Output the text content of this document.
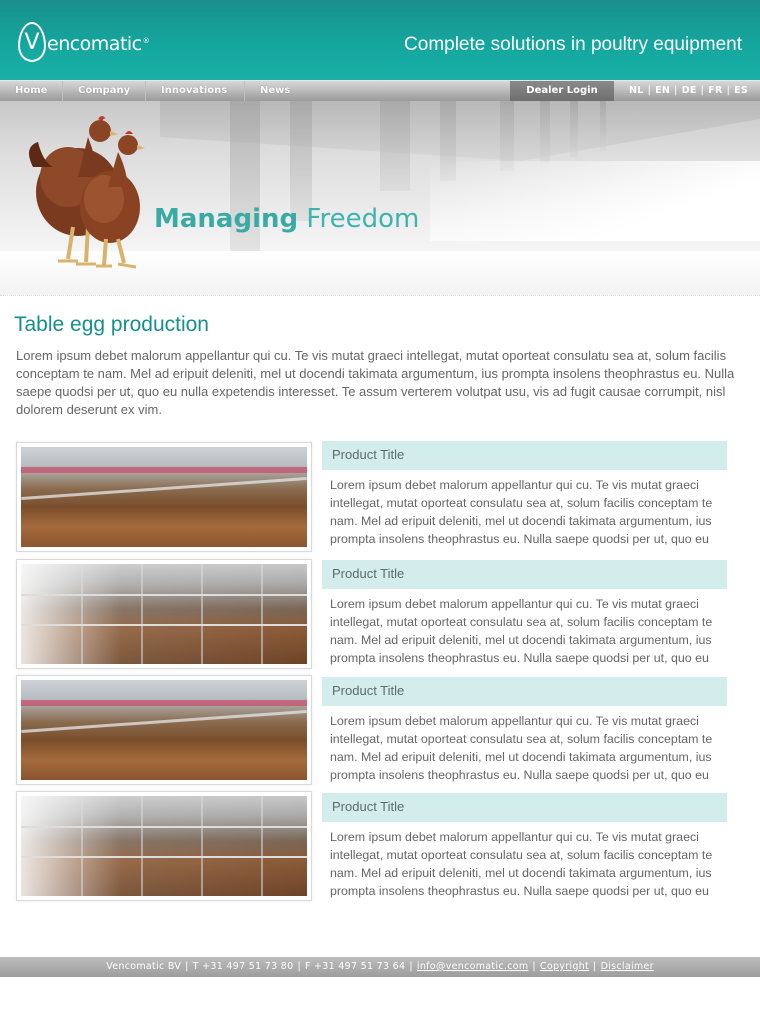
V encomatic®	Complete solutions in poultry equipment
Home	Company	Innovations	News	Dealer Login	NL | EN | DE | FR | ES
Managing Freedom
Table egg production

Lorem ipsum debet malorum appellantur qui cu. Te vis mutat graeci intellegat, mutat oporteat consulatu sea at, solum facilis conceptam te nam. Mel ad eripuit deleniti, mel ut docendi takimata argumentum, ius prompta insolens theophrastus eu. Nulla saepe quodsi per ut, quo eu nulla expetendis interesset. Te assum verterem volutpat usu, vis ad fugit causae corrumpit, nisl dolorem deserunt ex vim.

Product Title
Lorem ipsum debet malorum appellantur qui cu. Te vis mutat graeci intellegat, mutat oporteat consulatu sea at, solum facilis conceptam te nam. Mel ad eripuit deleniti, mel ut docendi takimata argumentum, ius prompta insolens theophrastus eu. Nulla saepe quodsi per ut, quo eu
Product Title
Lorem ipsum debet malorum appellantur qui cu. Te vis mutat graeci intellegat, mutat oporteat consulatu sea at, solum facilis conceptam te nam. Mel ad eripuit deleniti, mel ut docendi takimata argumentum, ius prompta insolens theophrastus eu. Nulla saepe quodsi per ut, quo eu
Product Title
Lorem ipsum debet malorum appellantur qui cu. Te vis mutat graeci intellegat, mutat oporteat consulatu sea at, solum facilis conceptam te nam. Mel ad eripuit deleniti, mel ut docendi takimata argumentum, ius prompta insolens theophrastus eu. Nulla saepe quodsi per ut, quo eu
Product Title
Lorem ipsum debet malorum appellantur qui cu. Te vis mutat graeci intellegat, mutat oporteat consulatu sea at, solum facilis conceptam te nam. Mel ad eripuit deleniti, mel ut docendi takimata argumentum, ius prompta insolens theophrastus eu. Nulla saepe quodsi per ut, quo eu
Vencomatic BV | T +31 497 51 73 80 | F +31 497 51 73 64 | info@vencomatic.com | Copyright | Disclaimer
